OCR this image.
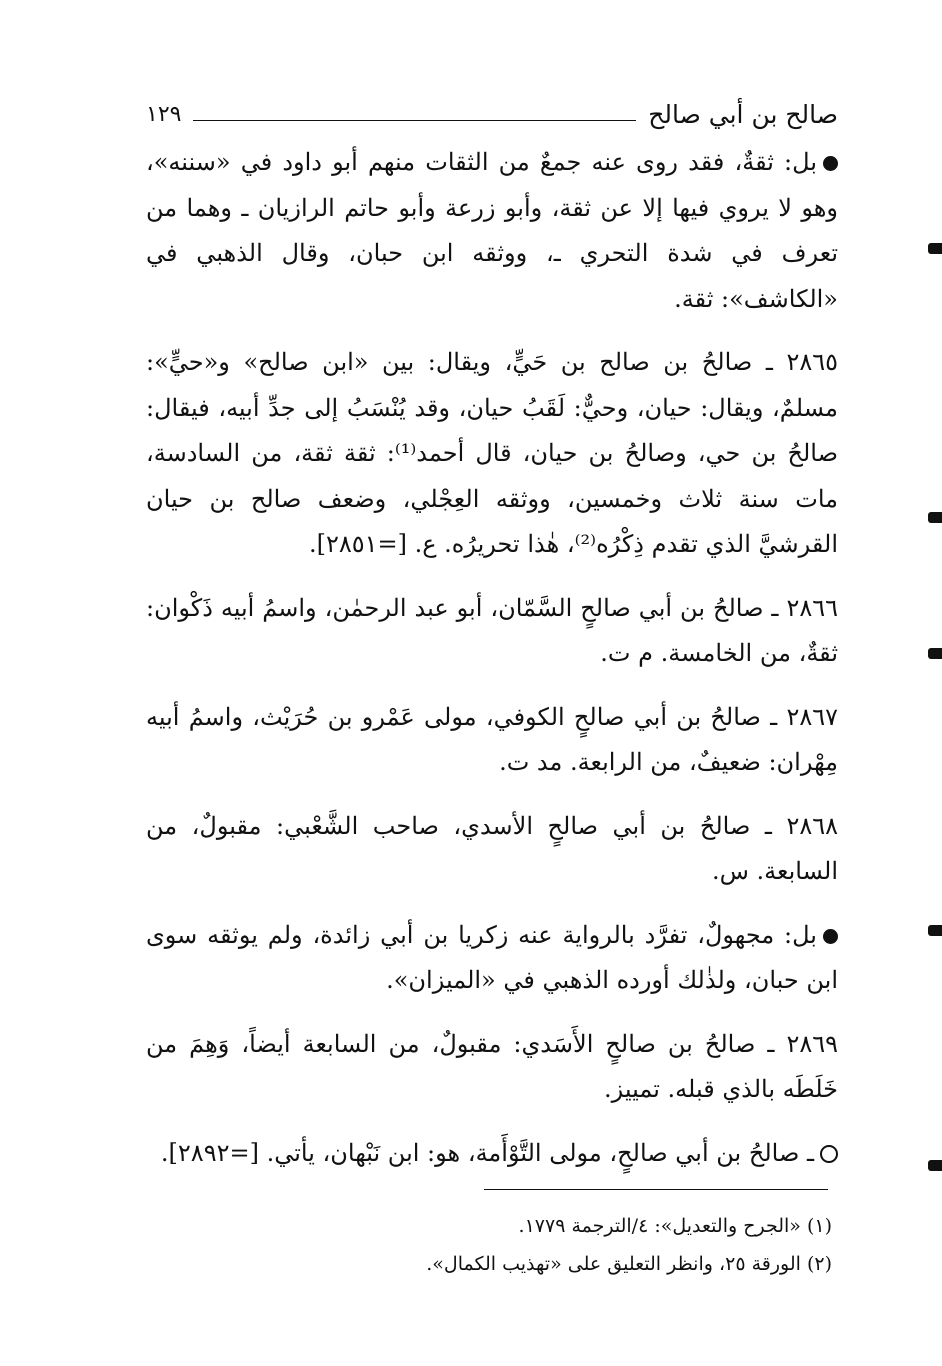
صالح بن أبي صالح
١٢٩

بل: ثقةٌ، فقد روى عنه جمعٌ من الثقات منهم أبو داود في «سننه»، وهو لا يروي فيها إلا عن ثقة، وأبو زرعة وأبو حاتم الرازيان ـ وهما من تعرف في شدة التحري ـ، ووثقه ابن حبان، وقال الذهبي في «الكاشف»: ثقة.

٢٨٦٥ ـ صالحُ بن صالح بن حَيٍّ، ويقال: بين «ابن صالح» و«حيٍّ»: مسلمٌ، ويقال: حيان، وحيٌّ: لَقَبُ حيان، وقد يُنْسَبُ إلى جدِّ أبيه، فيقال: صالحُ بن حي، وصالحُ بن حيان، قال أحمد⁽¹⁾: ثقة ثقة، من السادسة، مات سنة ثلاث وخمسين، ووثقه العِجْلي، وضعف صالح بن حيان القرشيَّ الذي تقدم ذِكْرُه⁽²⁾، هٰذا تحريرُه. ع. [=٢٨٥١].

٢٨٦٦ ـ صالحُ بن أبي صالحٍ السَّمّان، أبو عبد الرحمٰن، واسمُ أبيه ذَكْوان: ثقةٌ، من الخامسة. م ت.

٢٨٦٧ ـ صالحُ بن أبي صالحٍ الكوفي، مولى عَمْرو بن حُرَيْث، واسمُ أبيه مِهْران: ضعيفٌ، من الرابعة. مد ت.

٢٨٦٨ ـ صالحُ بن أبي صالحٍ الأسدي، صاحب الشَّعْبي: مقبولٌ، من السابعة. س.

بل: مجهولٌ، تفرَّد بالرواية عنه زكريا بن أبي زائدة، ولم يوثقه سوى ابن حبان، ولذٰلك أورده الذهبي في «الميزان».

٢٨٦٩ ـ صالحُ بن صالحٍ الأَسَدي: مقبولٌ، من السابعة أيضاً، وَهِمَ من خَلَطَه بالذي قبله. تمييز.

ـ صالحُ بن أبي صالحٍ، مولى التَّوْأَمة، هو: ابن نَبْهان، يأتي. [=٢٨٩٢].

(١) «الجرح والتعديل»: ٤/الترجمة ١٧٧٩.

(٢) الورقة ٢٥، وانظر التعليق على «تهذيب الكمال».
